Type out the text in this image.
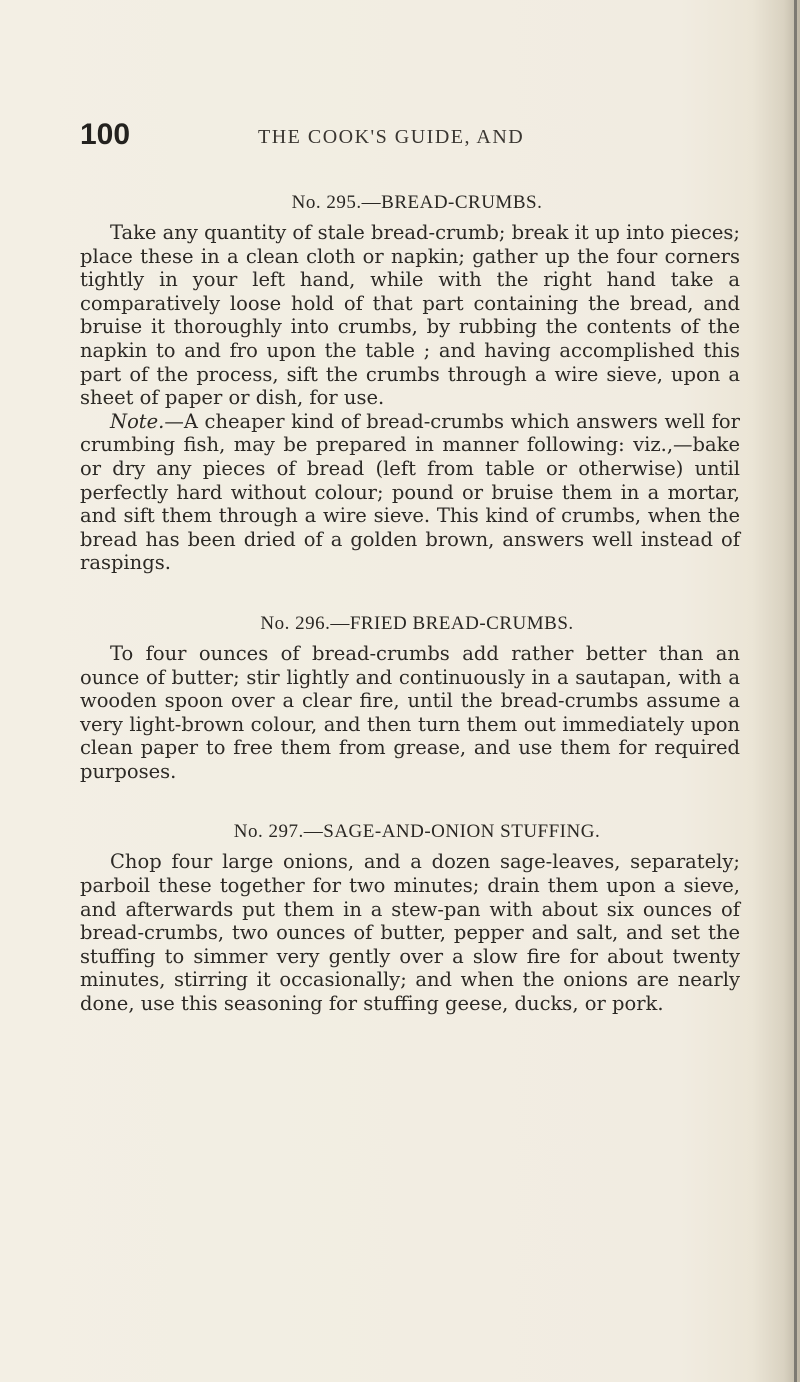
100	THE COOK'S GUIDE, AND
No. 295.—BREAD-CRUMBS.

Take any quantity of stale bread-crumb; break it up into pieces; place these in a clean cloth or napkin; gather up the four corners tightly in your left hand, while with the right hand take a comparatively loose hold of that part containing the bread, and bruise it thoroughly into crumbs, by rubbing the contents of the napkin to and fro upon the table ; and having accomplished this part of the process, sift the crumbs through a wire sieve, upon a sheet of paper or dish, for use.

Note.—A cheaper kind of bread-crumbs which answers well for crumbing fish, may be prepared in manner following: viz.,—bake or dry any pieces of bread (left from table or otherwise) until perfectly hard without colour; pound or bruise them in a mortar, and sift them through a wire sieve. This kind of crumbs, when the bread has been dried of a golden brown, answers well instead of raspings.

No. 296.—FRIED BREAD-CRUMBS.

To four ounces of bread-crumbs add rather better than an ounce of butter; stir lightly and continuously in a sautapan, with a wooden spoon over a clear fire, until the bread-crumbs assume a very light-brown colour, and then turn them out immediately upon clean paper to free them from grease, and use them for required purposes.

No. 297.—SAGE-AND-ONION STUFFING.

Chop four large onions, and a dozen sage-leaves, separately; parboil these together for two minutes; drain them upon a sieve, and afterwards put them in a stew-pan with about six ounces of bread-crumbs, two ounces of butter, pepper and salt, and set the stuffing to simmer very gently over a slow fire for about twenty minutes, stirring it occasionally; and when the onions are nearly done, use this seasoning for stuffing geese, ducks, or pork.
